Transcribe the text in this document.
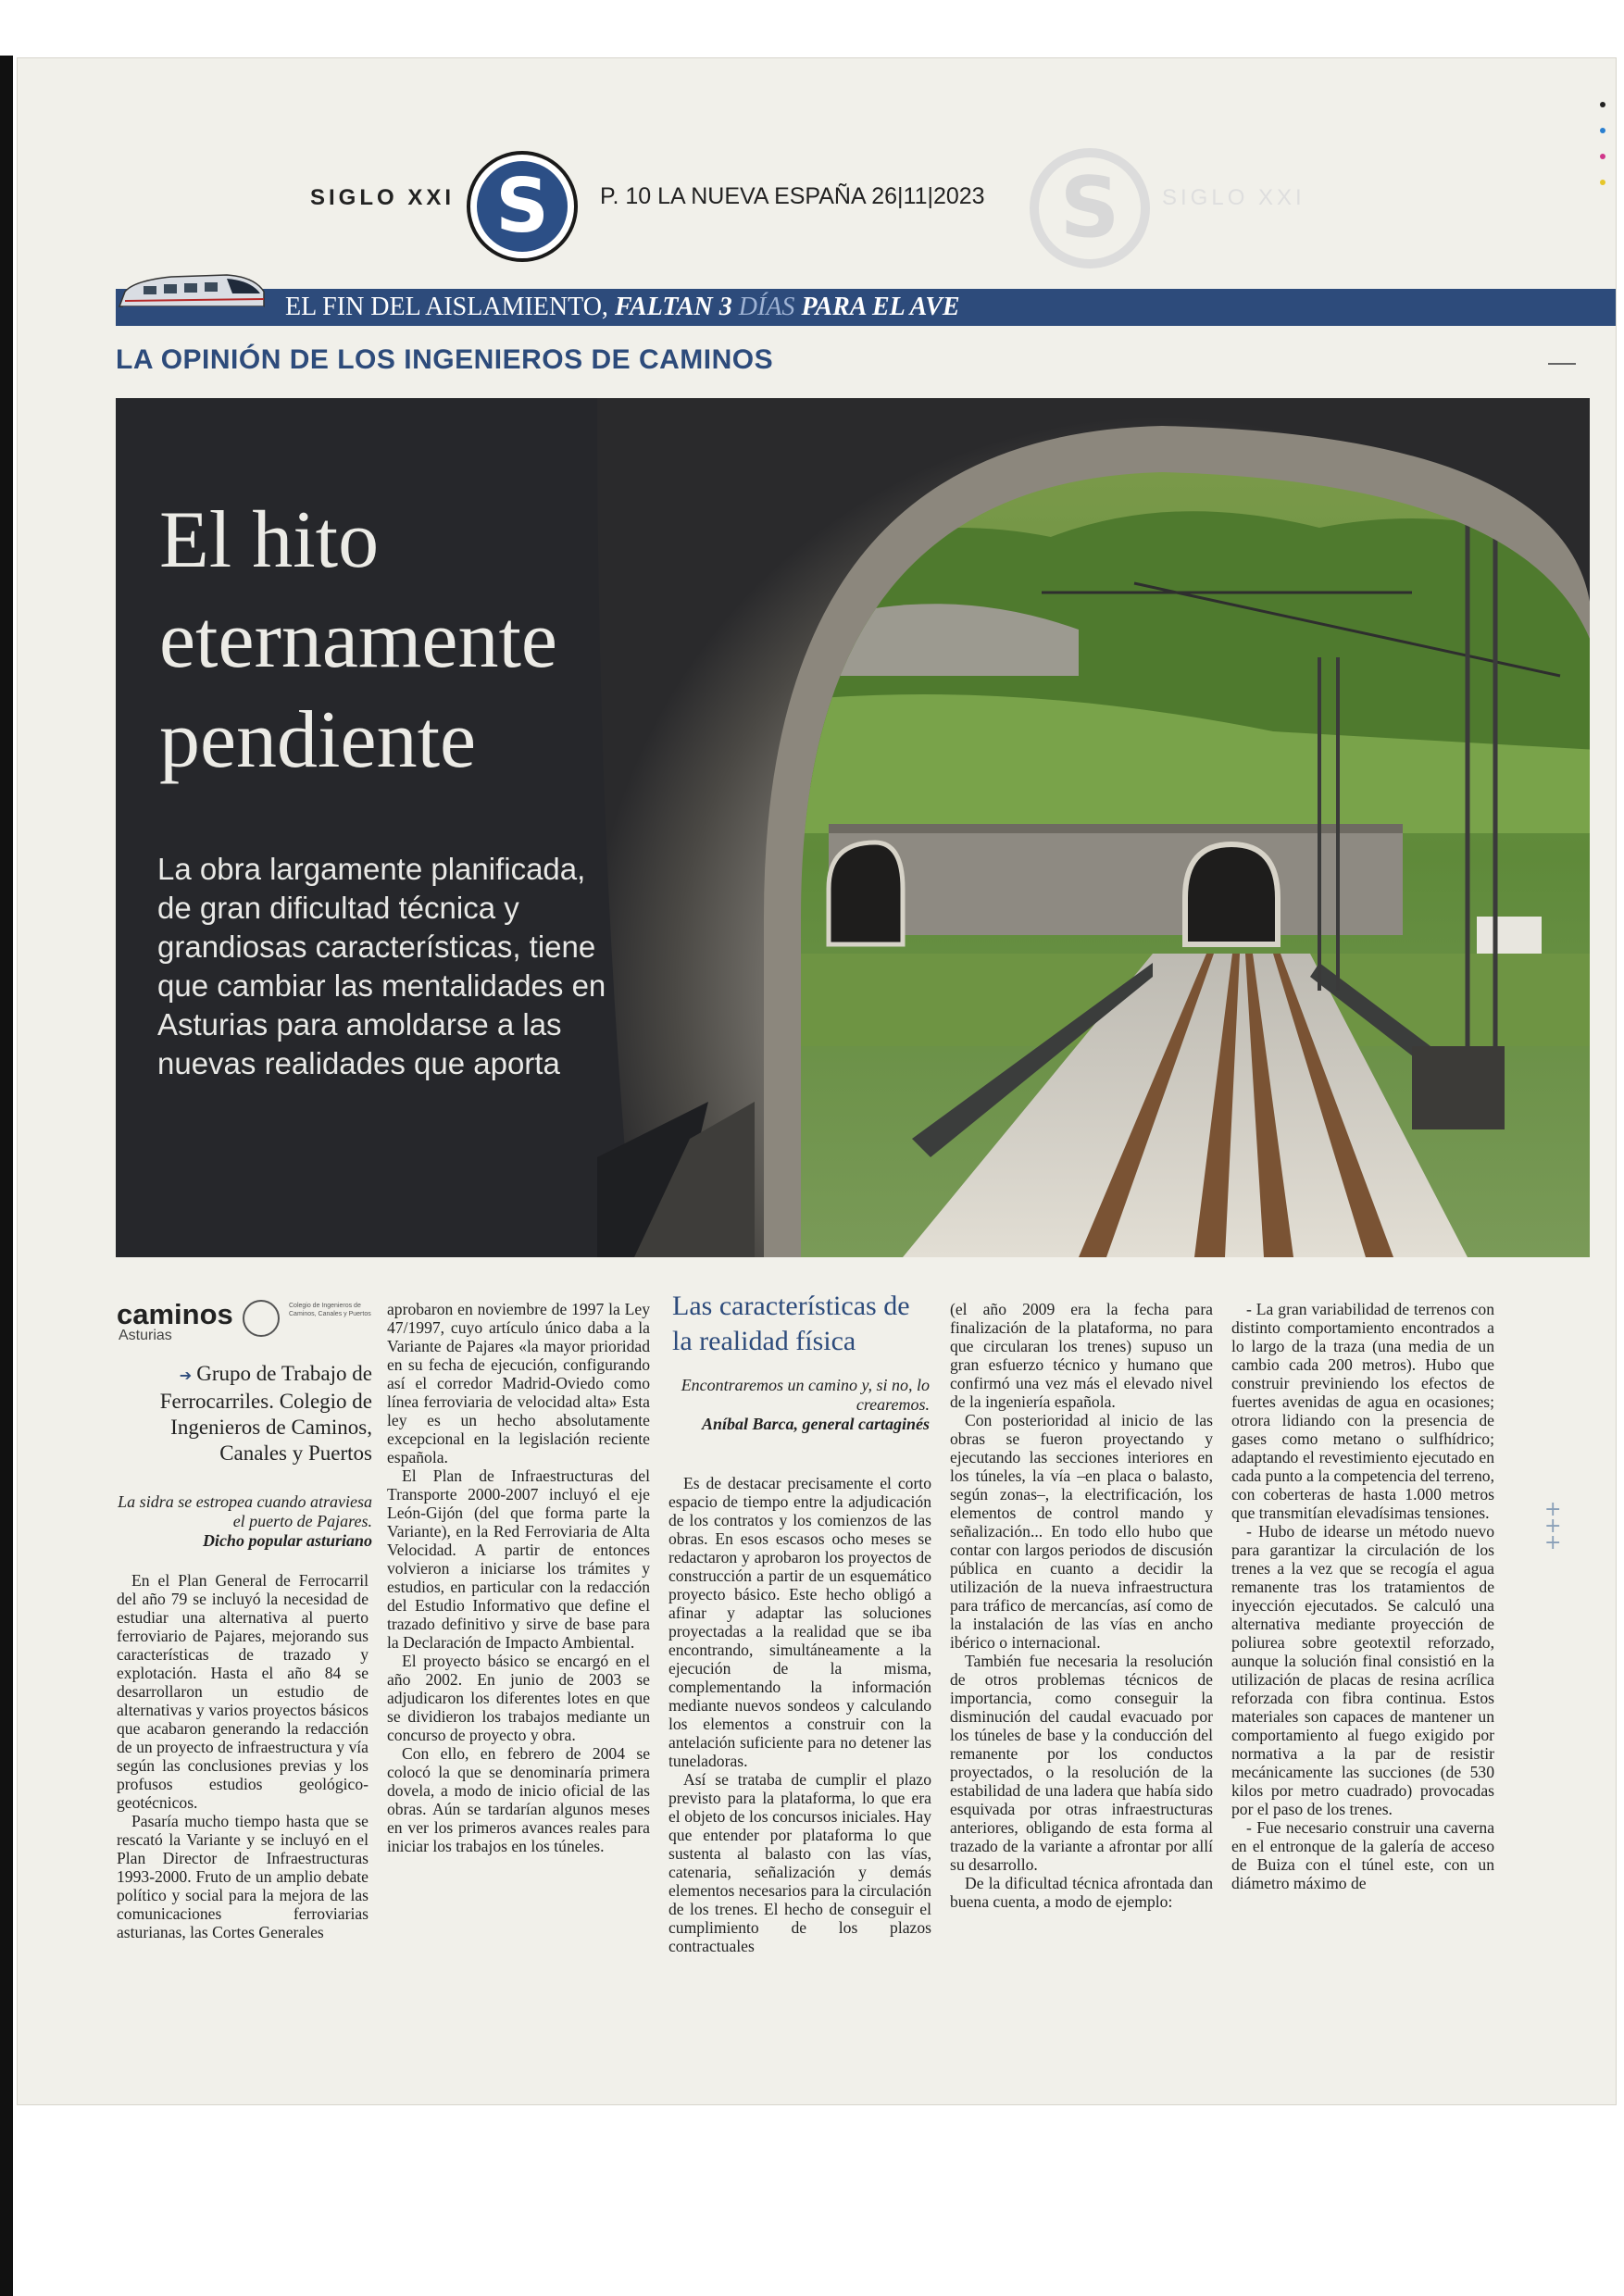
SIGLO XXI S	P. 10 LA NUEVA ESPAÑA 26|11|2023 S	SIGLO XXI
EL FIN DEL AISLAMIENTO, FALTAN 3 DÍAS PARA EL AVE
LA OPINIÓN DE LOS INGENIEROS DE CAMINOS
El hito
eternamente
pendiente
La obra largamente planificada, de gran dificultad técnica y grandiosas características, tiene que cambiar las mentalidades en Asturias para amoldarse a las nuevas realidades que aporta
caminos
Asturias
Colegio de Ingenieros de Caminos, Canales y Puertos
➔ Grupo de Trabajo de Ferrocarriles. Colegio de Ingenieros de Caminos, Canales y Puertos
La sidra se estropea cuando atraviesa el puerto de Pajares.
Dicho popular asturiano

En el Plan General de Ferrocarril del año 79 se incluyó la necesidad de estudiar una alternativa al puerto ferroviario de Pajares, mejorando sus características de trazado y explotación. Hasta el año 84 se desarrollaron un estudio de alternativas y varios proyectos básicos que acabaron generando la redacción de un proyecto de infraestructura y vía según las conclusiones previas y los profusos estudios geológico-geotécnicos.

Pasaría mucho tiempo hasta que se rescató la Variante y se incluyó en el Plan Director de Infraestructuras 1993-2000. Fruto de un amplio debate político y social para la mejora de las comunicaciones ferroviarias asturianas, las Cortes Generales

aprobaron en noviembre de 1997 la Ley 47/1997, cuyo artículo único daba a la Variante de Pajares «la mayor prioridad en su fecha de ejecución, configurando así el corredor Madrid-Oviedo como línea ferroviaria de velocidad alta» Esta ley es un hecho absolutamente excepcional en la legislación reciente española.

El Plan de Infraestructuras del Transporte 2000-2007 incluyó el eje León-Gijón (del que forma parte la Variante), en la Red Ferroviaria de Alta Velocidad. A partir de entonces volvieron a iniciarse los trámites y estudios, en particular con la redacción del Estudio Informativo que define el trazado definitivo y sirve de base para la Declaración de Impacto Ambiental.

El proyecto básico se encargó en el año 2002. En junio de 2003 se adjudicaron los diferentes lotes en que se dividieron los trabajos mediante un concurso de proyecto y obra.

Con ello, en febrero de 2004 se colocó la que se denominaría primera dovela, a modo de inicio oficial de las obras. Aún se tardarían algunos meses en ver los primeros avances reales para iniciar los trabajos en los túneles.

Las características de la realidad física
Encontraremos un camino y, si no, lo crearemos.
Aníbal Barca, general cartaginés

Es de destacar precisamente el corto espacio de tiempo entre la adjudicación de los contratos y los comienzos de las obras. En esos escasos ocho meses se redactaron y aprobaron los proyectos de construcción a partir de un esquemático proyecto básico. Este hecho obligó a afinar y adaptar las soluciones proyectadas a la realidad que se iba encontrando, simultáneamente a la ejecución de la misma, complementando la información mediante nuevos sondeos y calculando los elementos a construir con la antelación suficiente para no detener las tuneladoras.

Así se trataba de cumplir el plazo previsto para la plataforma, lo que era el objeto de los concursos iniciales. Hay que entender por plataforma lo que sustenta al balasto con las vías, catenaria, señalización y demás elementos necesarios para la circulación de los trenes. El hecho de conseguir el cumplimiento de los plazos contractuales

(el año 2009 era la fecha para finalización de la plataforma, no para que circularan los trenes) supuso un gran esfuerzo técnico y humano que confirmó una vez más el elevado nivel de la ingeniería española.

Con posterioridad al inicio de las obras se fueron proyectando y ejecutando las secciones interiores en los túneles, la vía –en placa o balasto, según zonas–, la electrificación, los elementos de control mando y señalización... En todo ello hubo que contar con largos periodos de discusión pública en cuanto a decidir la utilización de la nueva infraestructura para tráfico de mercancías, así como de la instalación de las vías en ancho ibérico o internacional.

También fue necesaria la resolución de otros problemas técnicos de importancia, como conseguir la disminución del caudal evacuado por los túneles de base y la conducción del remanente por los conductos proyectados, o la resolución de la estabilidad de una ladera que había sido esquivada por otras infraestructuras anteriores, obligando de esta forma al trazado de la variante a afrontar por allí su desarrollo.

De la dificultad técnica afrontada dan buena cuenta, a modo de ejemplo:

- La gran variabilidad de terrenos con distinto comportamiento encontrados a lo largo de la traza (una media de un cambio cada 200 metros). Hubo que construir previniendo los efectos de fuertes avenidas de agua en ocasiones; otrora lidiando con la presencia de gases como metano o sulfhídrico; adaptando el revestimiento ejecutado en cada punto a la competencia del terreno, con coberteras de hasta 1.000 metros que transmitían elevadísimas tensiones.

- Hubo de idearse un método nuevo para garantizar la circulación de los trenes a la vez que se recogía el agua remanente tras los tratamientos de inyección ejecutados. Se calculó una alternativa mediante proyección de poliurea sobre geotextil reforzado, aunque la solución final consistió en la utilización de placas de resina acrílica reforzada con fibra continua. Estos materiales son capaces de mantener un comportamiento al fuego exigido por normativa a la par de resistir mecánicamente las succiones (de 530 kilos por metro cuadrado) provocadas por el paso de los trenes.

- Fue necesario construir una caverna en el entronque de la galería de acceso de Buiza con el túnel este, con un diámetro máximo de

+
+
+
